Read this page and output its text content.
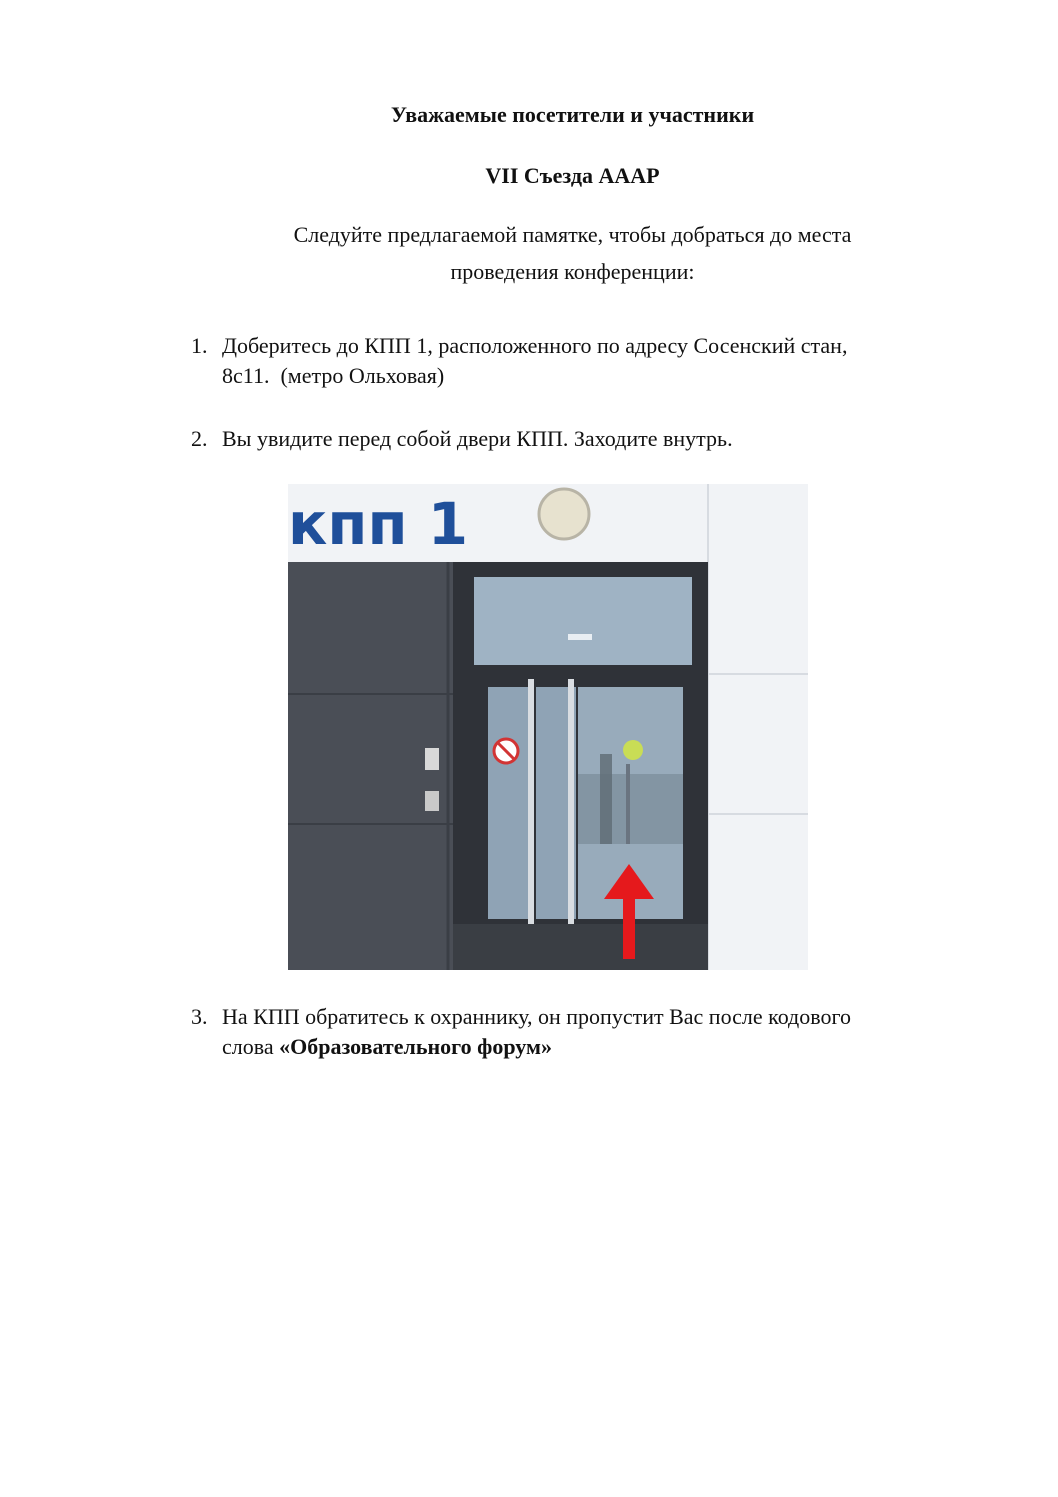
Уважаемые посетители и участники
VII Съезда АААР
Следуйте предлагаемой памятке, чтобы добраться до места
проведения конференции:
1. Доберитесь до КПП 1, расположенного по адресу Сосенский стан,
8с11.  (метро Ольховая)
2. Вы увидите перед собой двери КПП. Заходите внутрь.
кпп 1
3. На КПП обратитесь к охраннику, он пропустит Вас после кодового
слова «Образовательного форум»
